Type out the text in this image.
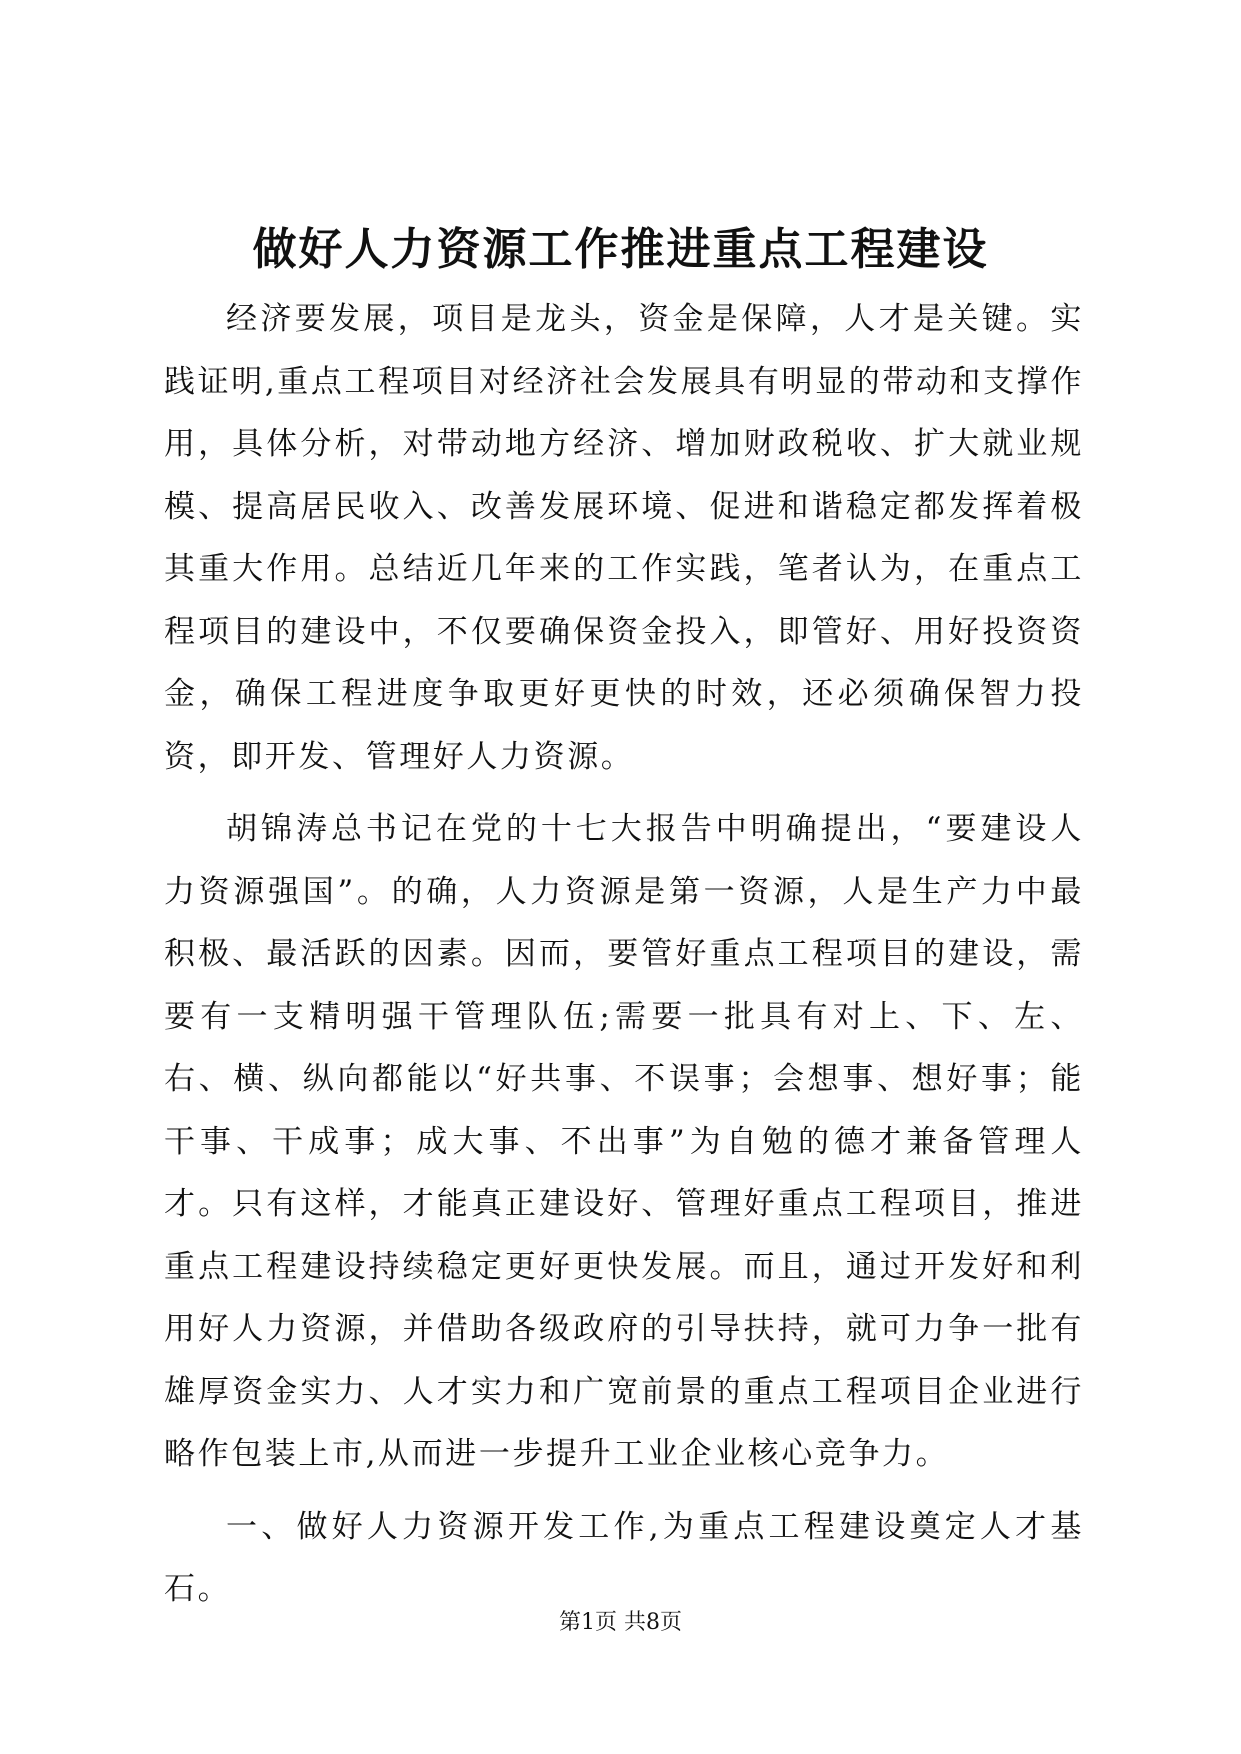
做好人力资源工作推进重点工程建设

经济要发展，项目是龙头，资金是保障，人才是关键。实践证明,重点工程项目对经济社会发展具有明显的带动和支撑作用，具体分析，对带动地方经济、增加财政税收、扩大就业规模、提高居民收入、改善发展环境、促进和谐稳定都发挥着极其重大作用。总结近几年来的工作实践，笔者认为，在重点工程项目的建设中，不仅要确保资金投入，即管好、用好投资资金，确保工程进度争取更好更快的时效，还必须确保智力投资，即开发、管理好人力资源。

胡锦涛总书记在党的十七大报告中明确提出，“要建设人力资源强国”。的确，人力资源是第一资源，人是生产力中最积极、最活跃的因素。因而，要管好重点工程项目的建设，需要有一支精明强干管理队伍;需要一批具有对上、下、左、右、横、纵向都能以“好共事、不误事；会想事、想好事；能干事、干成事；成大事、不出事”为自勉的德才兼备管理人才。只有这样，才能真正建设好、管理好重点工程项目，推进重点工程建设持续稳定更好更快发展。而且，通过开发好和利用好人力资源，并借助各级政府的引导扶持，就可力争一批有雄厚资金实力、人才实力和广宽前景的重点工程项目企业进行略作包装上市,从而进一步提升工业企业核心竞争力。

一、做好人力资源开发工作,为重点工程建设奠定人才基石。

第1页 共8页
